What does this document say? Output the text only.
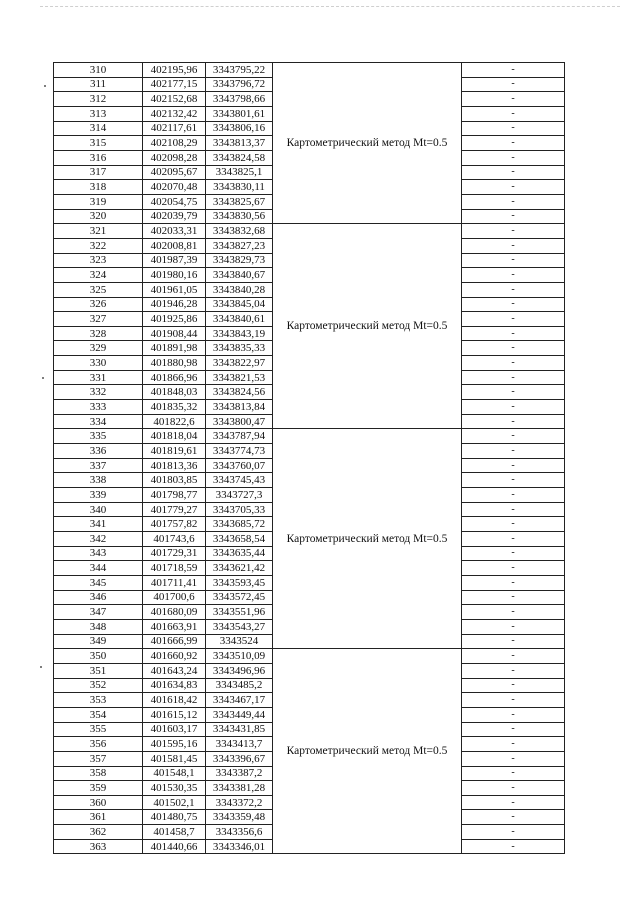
310	402195,96	3343795,22	Картометрический метод Mt=0.5		-
311	402177,15	3343796,72		-
312	402152,68	3343798,66		-
313	402132,42	3343801,61		-
314	402117,61	3343806,16		-
315	402108,29	3343813,37		-
316	402098,28	3343824,58		-
317	402095,67	3343825,1		-
318	402070,48	3343830,11		-
319	402054,75	3343825,67		-
320	402039,79	3343830,56		-
321	402033,31	3343832,68	Картометрический метод Mt=0.5		-
322	402008,81	3343827,23		-
323	401987,39	3343829,73		-
324	401980,16	3343840,67		-
325	401961,05	3343840,28		-
326	401946,28	3343845,04		-
327	401925,86	3343840,61		-
328	401908,44	3343843,19		-
329	401891,98	3343835,33		-
330	401880,98	3343822,97		-
331	401866,96	3343821,53		-
332	401848,03	3343824,56		-
333	401835,32	3343813,84		-
334	401822,6	3343800,47		-
335	401818,04	3343787,94	Картометрический метод Mt=0.5		-
336	401819,61	3343774,73		-
337	401813,36	3343760,07		-
338	401803,85	3343745,43		-
339	401798,77	3343727,3		-
340	401779,27	3343705,33		-
341	401757,82	3343685,72		-
342	401743,6	3343658,54		-
343	401729,31	3343635,44		-
344	401718,59	3343621,42		-
345	401711,41	3343593,45		-
346	401700,6	3343572,45		-
347	401680,09	3343551,96		-
348	401663,91	3343543,27		-
349	401666,99	3343524		-
350	401660,92	3343510,09	Картометрический метод Mt=0.5		-
351	401643,24	3343496,96		-
352	401634,83	3343485,2		-
353	401618,42	3343467,17		-
354	401615,12	3343449,44		-
355	401603,17	3343431,85		-
356	401595,16	3343413,7		-
357	401581,45	3343396,67		-
358	401548,1	3343387,2		-
359	401530,35	3343381,28		-
360	401502,1	3343372,2		-
361	401480,75	3343359,48		-
362	401458,7	3343356,6		-
363	401440,66	3343346,01		-
